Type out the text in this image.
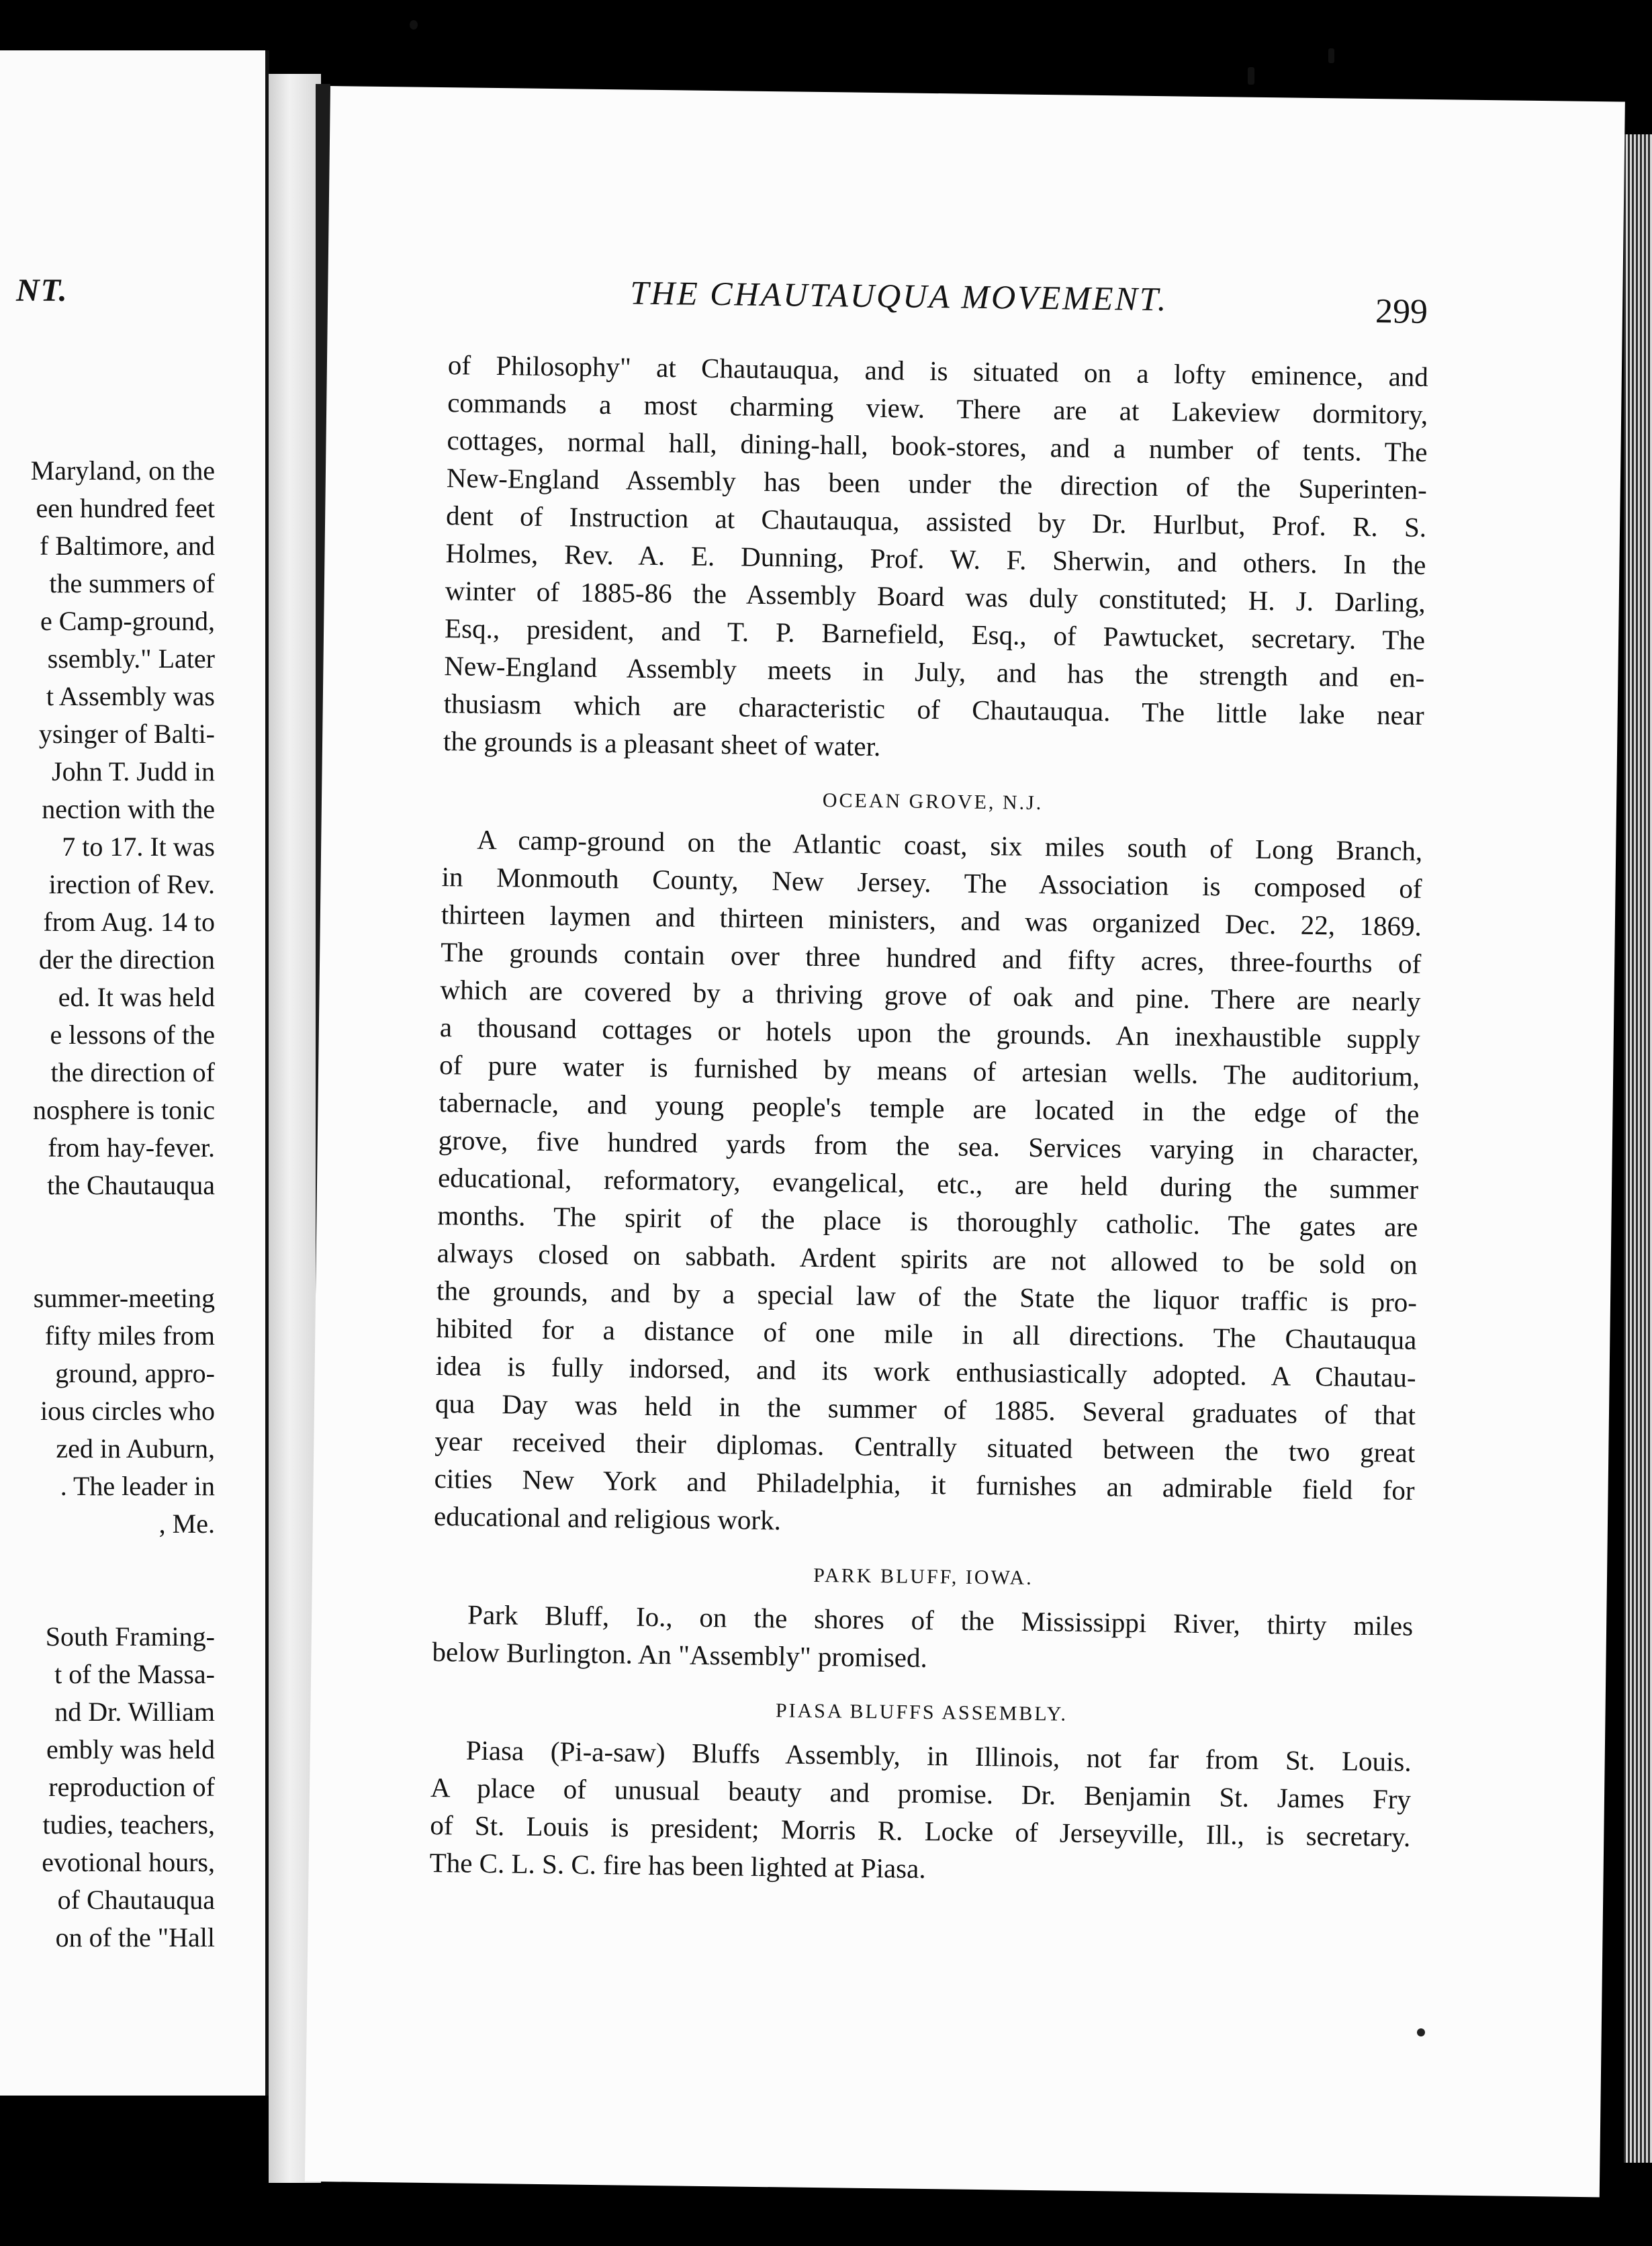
NT.
Maryland, on the
een hundred feet
f Baltimore, and
the summers of
e Camp-ground,
ssembly." Later
t Assembly was
ysinger of Balti-
John T. Judd in
nection with the
7 to 17. It was
irection of Rev.
from Aug. 14 to
der the direction
ed. It was held
e lessons of the
the direction of
nosphere is tonic
from hay-fever.
the Chautauqua
summer-meeting
fifty miles from
ground, appro-
ious circles who
zed in Auburn,
. The leader in
, Me.
South Framing-
t of the Massa-
nd Dr. William
embly was held
reproduction of
tudies, teachers,
evotional hours,
of Chautauqua
on of the "Hall
THE CHAUTAUQUA MOVEMENT.	299
of Philosophy" at Chautauqua, and is situated on a lofty eminence, and
commands a most charming view. There are at Lakeview dormitory,
cottages, normal hall, dining-hall, book-stores, and a number of tents. The
New-England Assembly has been under the direction of the Superinten-
dent of Instruction at Chautauqua, assisted by Dr. Hurlbut, Prof. R. S.
Holmes, Rev. A. E. Dunning, Prof. W. F. Sherwin, and others. In the
winter of 1885-86 the Assembly Board was duly constituted; H. J. Darling,
Esq., president, and T. P. Barnefield, Esq., of Pawtucket, secretary. The
New-England Assembly meets in July, and has the strength and en-
thusiasm which are characteristic of Chautauqua. The little lake near
the grounds is a pleasant sheet of water.
OCEAN GROVE, N.J.
A camp-ground on the Atlantic coast, six miles south of Long Branch,
in Monmouth County, New Jersey. The Association is composed of
thirteen laymen and thirteen ministers, and was organized Dec. 22, 1869.
The grounds contain over three hundred and fifty acres, three-fourths of
which are covered by a thriving grove of oak and pine. There are nearly
a thousand cottages or hotels upon the grounds. An inexhaustible supply
of pure water is furnished by means of artesian wells. The auditorium,
tabernacle, and young people's temple are located in the edge of the
grove, five hundred yards from the sea. Services varying in character,
educational, reformatory, evangelical, etc., are held during the summer
months. The spirit of the place is thoroughly catholic. The gates are
always closed on sabbath. Ardent spirits are not allowed to be sold on
the grounds, and by a special law of the State the liquor traffic is pro-
hibited for a distance of one mile in all directions. The Chautauqua
idea is fully indorsed, and its work enthusiastically adopted. A Chautau-
qua Day was held in the summer of 1885. Several graduates of that
year received their diplomas. Centrally situated between the two great
cities New York and Philadelphia, it furnishes an admirable field for
educational and religious work.
PARK BLUFF, IOWA.
Park Bluff, Io., on the shores of the Mississippi River, thirty miles
below Burlington. An "Assembly" promised.
PIASA BLUFFS ASSEMBLY.
Piasa (Pi-a-saw) Bluffs Assembly, in Illinois, not far from St. Louis.
A place of unusual beauty and promise. Dr. Benjamin St. James Fry
of St. Louis is president; Morris R. Locke of Jerseyville, Ill., is secretary.
The C. L. S. C. fire has been lighted at Piasa.
